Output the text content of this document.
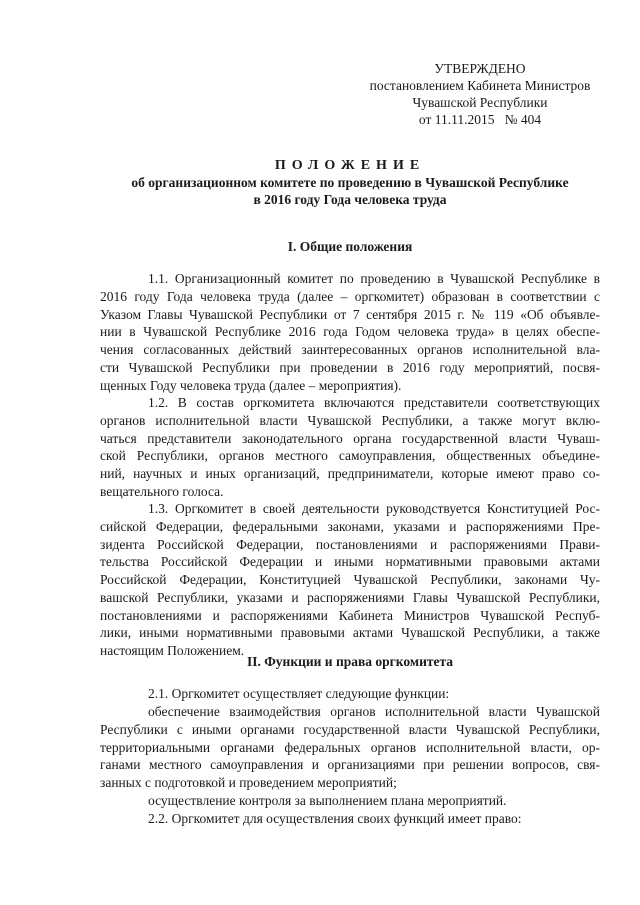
УТВЕРЖДЕНО
постановлением Кабинета Министров
Чувашской Республики
от 11.11.2015   № 404
ПОЛОЖЕНИЕ
об организационном комитете по проведению в Чувашской Республике
в 2016 году Года человека труда
I. Общие положения
1.1. Организационный комитет по проведению в Чувашской Республике в
2016 году Года человека труда (далее – оргкомитет) образован в соответствии с
Указом Главы Чувашской Республики от 7 сентября 2015 г. № 119 «Об объявле-
нии в Чувашской Республике 2016 года Годом человека труда» в целях обеспе-
чения согласованных действий заинтересованных органов исполнительной вла-
сти Чувашской Республики при проведении в 2016 году мероприятий, посвя-
щенных Году человека труда (далее – мероприятия).
1.2. В состав оргкомитета включаются представители соответствующих
органов исполнительной власти Чувашской Республики, а также могут вклю-
чаться представители законодательного органа государственной власти Чуваш-
ской Республики, органов местного самоуправления, общественных объедине-
ний, научных и иных организаций, предприниматели, которые имеют право со-
вещательного голоса.
1.3. Оргкомитет в своей деятельности руководствуется Конституцией Рос-
сийской Федерации, федеральными законами, указами и распоряжениями Пре-
зидента Российской Федерации, постановлениями и распоряжениями Прави-
тельства Российской Федерации и иными нормативными правовыми актами
Российской Федерации, Конституцией Чувашской Республики, законами Чу-
вашской Республики, указами и распоряжениями Главы Чувашской Республики,
постановлениями и распоряжениями Кабинета Министров Чувашской Респуб-
лики, иными нормативными правовыми актами Чувашской Республики, а также
настоящим Положением.
II. Функции и права оргкомитета
2.1. Оргкомитет осуществляет следующие функции:
обеспечение взаимодействия органов исполнительной власти Чувашской
Республики с иными органами государственной власти Чувашской Республики,
территориальными органами федеральных органов исполнительной власти, ор-
ганами местного самоуправления и организациями при решении вопросов, свя-
занных с подготовкой и проведением мероприятий;
осуществление контроля за выполнением плана мероприятий.
2.2. Оргкомитет для осуществления своих функций имеет право:
